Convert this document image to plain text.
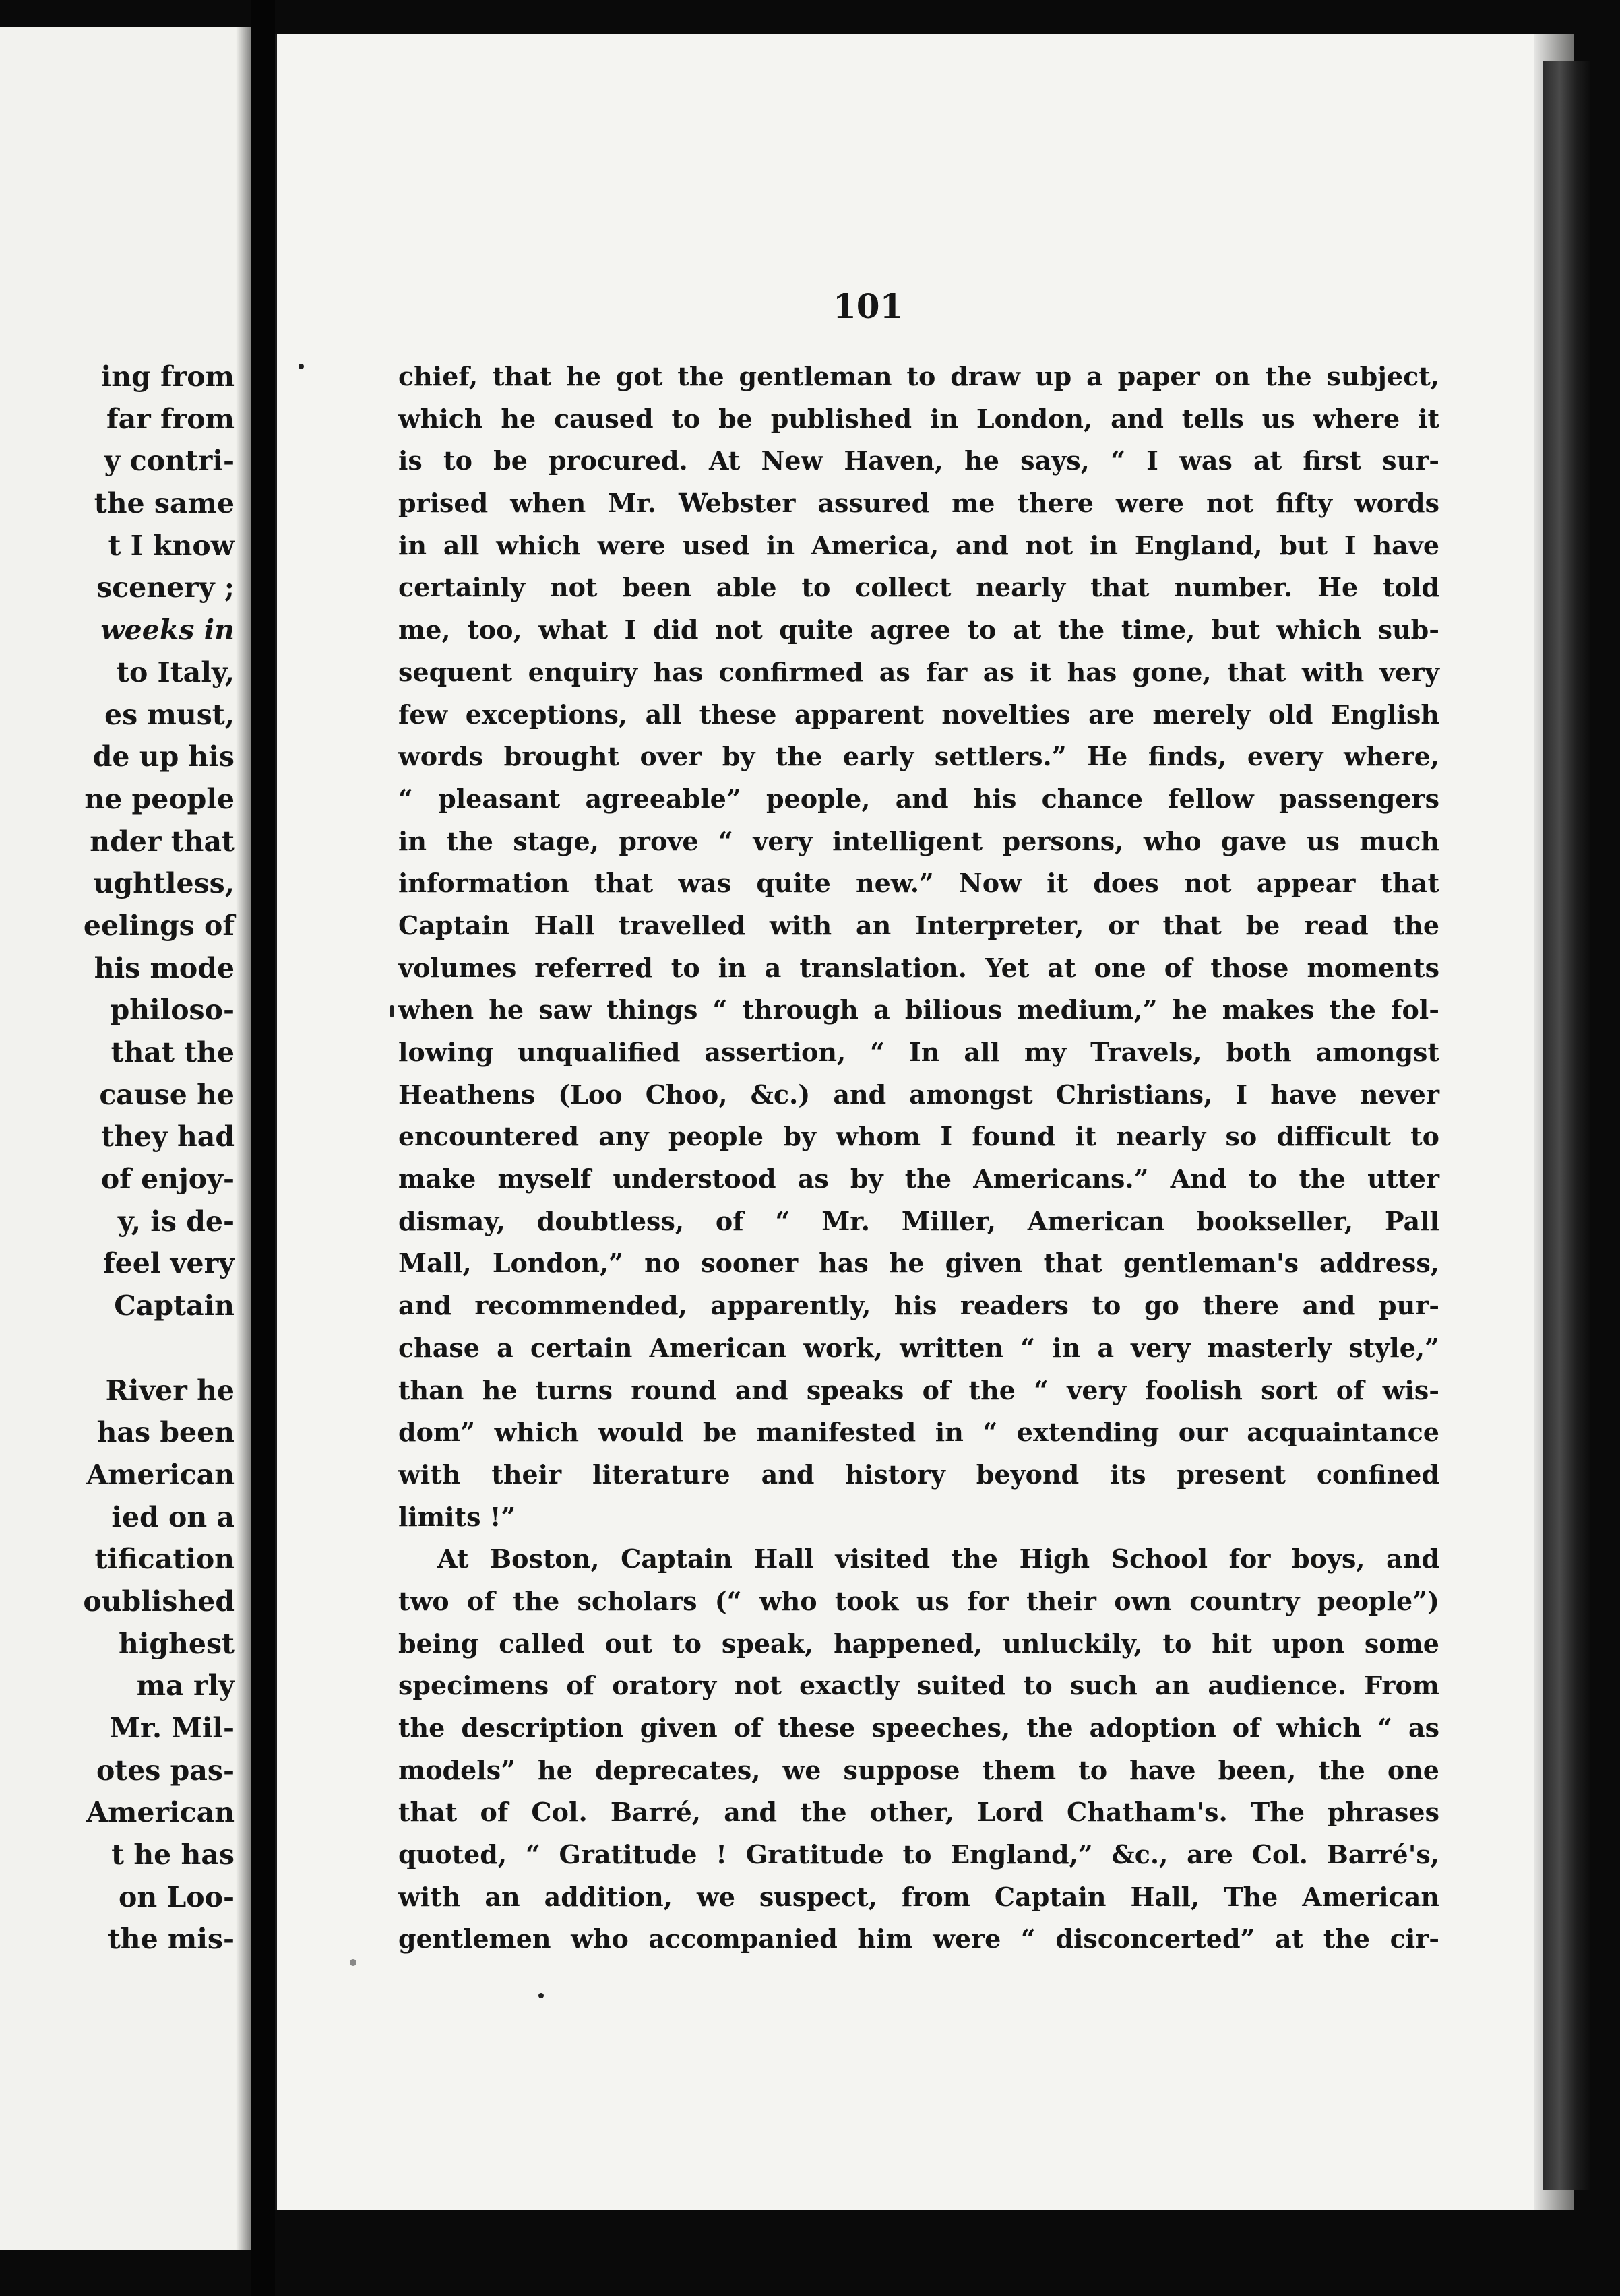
ing from
far from
y contri-
the same
t I know
scenery ;
weeks in
to Italy,
es must,
de up his
ne people
nder that
ughtless,
eelings of
his mode
philoso-
that the
cause he
they had
of enjoy-
y, is de-
feel very
Captain
River he
has been
American
ied on a
tification
oublished
highest
ma rly
Mr. Mil-
otes pas-
American
t he has
on Loo-
the mis-
101
chief, that he got the gentleman to draw up a paper on the subject,
which he caused to be published in London, and tells us where it
is to be procured. At New Haven, he says, “ I was at first sur-
prised when Mr. Webster assured me there were not fifty words
in all which were used in America, and not in England, but I have
certainly not been able to collect nearly that number. He told
me, too, what I did not quite agree to at the time, but which sub-
sequent enquiry has confirmed as far as it has gone, that with very
few exceptions, all these apparent novelties are merely old English
words brought over by the early settlers.” He finds, every where,
“ pleasant agreeable” people, and his chance fellow passengers
in the stage, prove “ very intelligent persons, who gave us much
information that was quite new.” Now it does not appear that
Captain Hall travelled with an Interpreter, or that be read the
volumes referred to in a translation. Yet at one of those moments
when he saw things “ through a bilious medium,” he makes the fol-
lowing unqualified assertion, “ In all my Travels, both amongst
Heathens (Loo Choo, &c.) and amongst Christians, I have never
encountered any people by whom I found it nearly so difficult to
make myself understood as by the Americans.” And to the utter
dismay, doubtless, of “ Mr. Miller, American bookseller, Pall
Mall, London,” no sooner has he given that gentleman's address,
and recommended, apparently, his readers to go there and pur-
chase a certain American work, written “ in a very masterly style,”
than he turns round and speaks of the “ very foolish sort of wis-
dom” which would be manifested in “ extending our acquaintance
with their literature and history beyond its present confined
limits !”
At Boston, Captain Hall visited the High School for boys, and
two of the scholars (“ who took us for their own country people”)
being called out to speak, happened, unluckily, to hit upon some
specimens of oratory not exactly suited to such an audience. From
the description given of these speeches, the adoption of which “ as
models” he deprecates, we suppose them to have been, the one
that of Col. Barré, and the other, Lord Chatham's. The phrases
quoted, “ Gratitude ! Gratitude to England,” &c., are Col. Barré's,
with an addition, we suspect, from Captain Hall, The American
gentlemen who accompanied him were “ disconcerted” at the cir-
